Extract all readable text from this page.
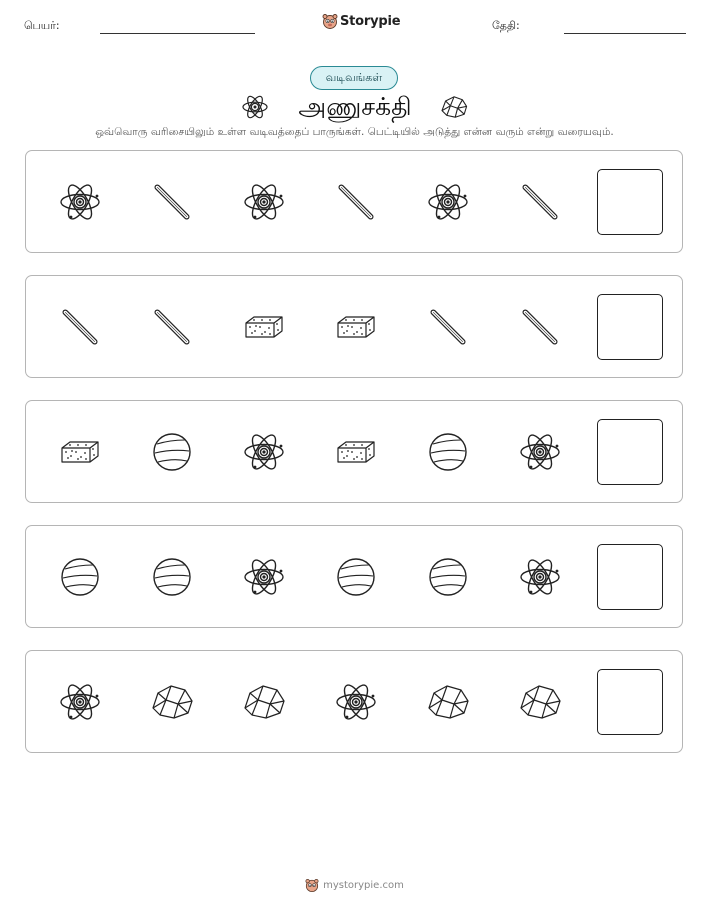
பெயர்:	Storypie	தேதி:
வடிவங்கள்
அணுசக்தி
ஒவ்வொரு வரிசையிலும் உள்ள வடிவத்தைப் பாருங்கள். பெட்டியில் அடுத்து என்ன வரும் என்று வரையவும்.
mystorypie.com
